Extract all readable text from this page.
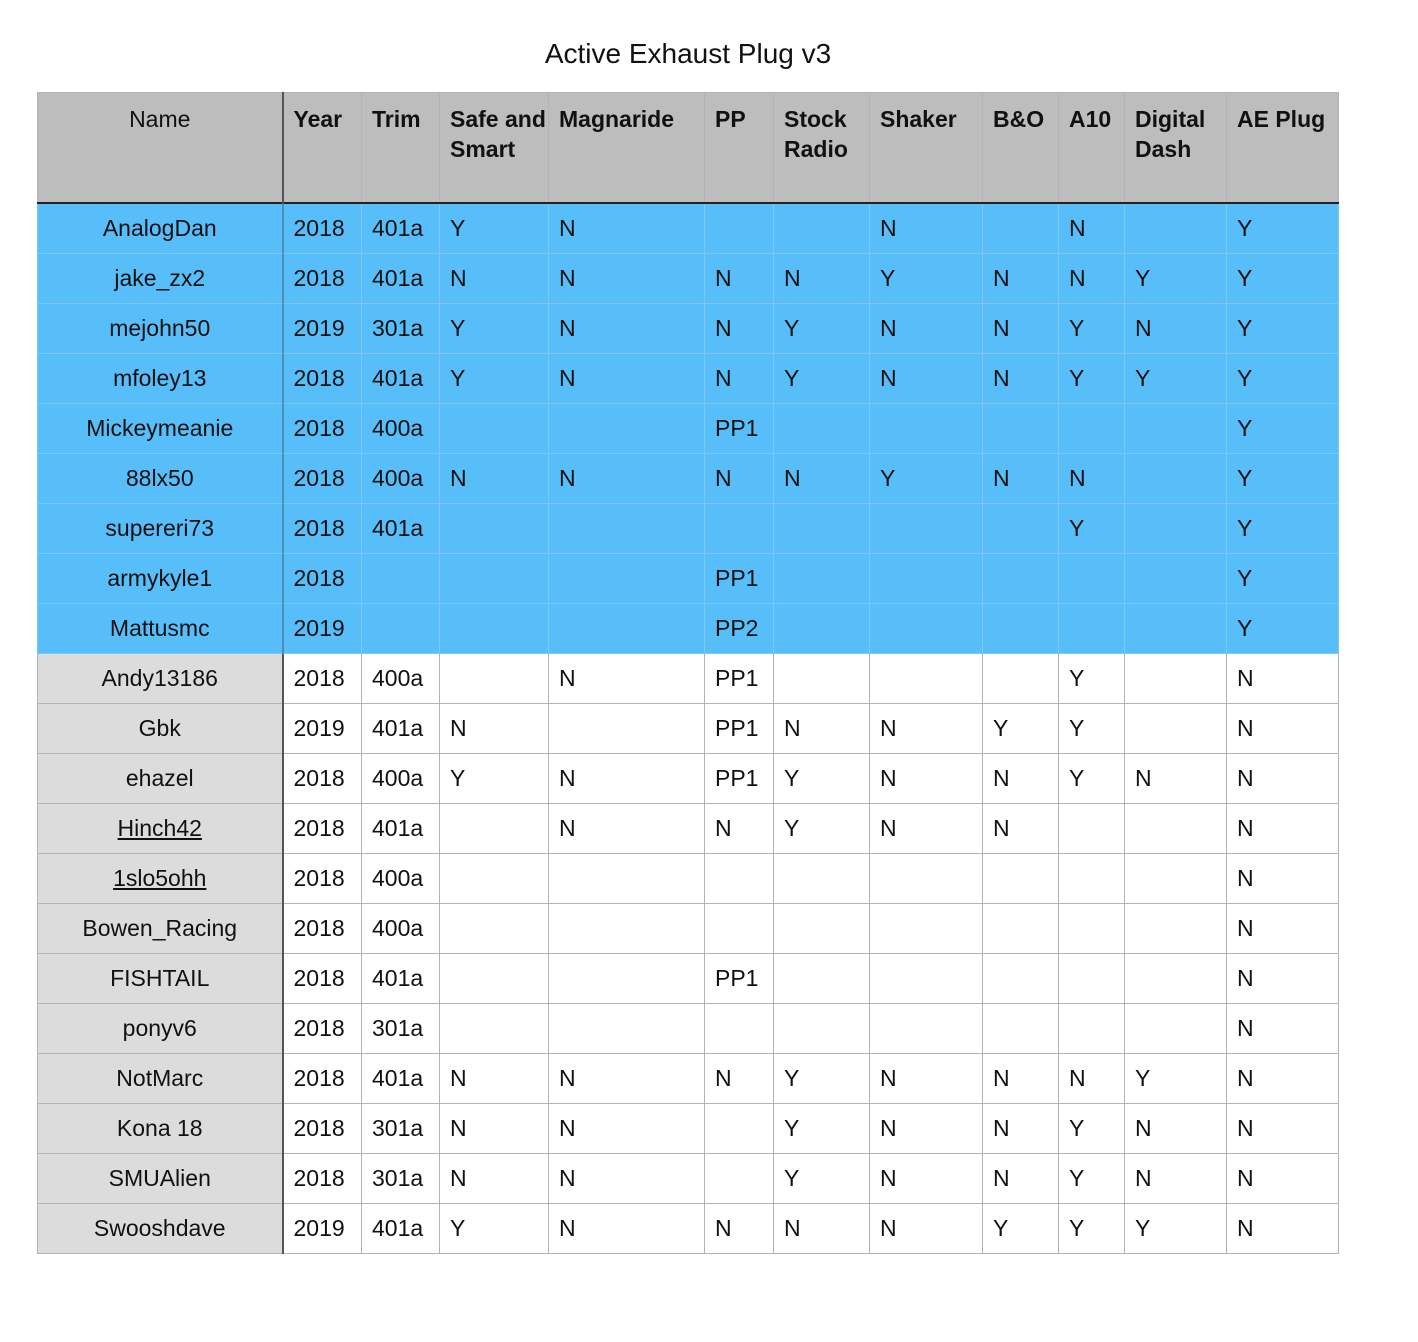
Active Exhaust Plug v3
Name	Year	Trim	Safe and Smart	Magnaride	PP	Stock Radio	Shaker	B&O	A10	Digital Dash	AE Plug
AnalogDan	2018	401a	Y	N			N		N		Y
jake_zx2	2018	401a	N	N	N	N	Y	N	N	Y	Y
mejohn50	2019	301a	Y	N	N	Y	N	N	Y	N	Y
mfoley13	2018	401a	Y	N	N	Y	N	N	Y	Y	Y
Mickeymeanie	2018	400a			PP1						Y
88lx50	2018	400a	N	N	N	N	Y	N	N		Y
supereri73	2018	401a							Y		Y
armykyle1	2018				PP1						Y
Mattusmc	2019				PP2						Y
Andy13186	2018	400a		N	PP1				Y		N
Gbk	2019	401a	N		PP1	N	N	Y	Y		N
ehazel	2018	400a	Y	N	PP1	Y	N	N	Y	N	N
Hinch42	2018	401a		N	N	Y	N	N			N
1slo5ohh	2018	400a									N
Bowen_Racing	2018	400a									N
FISHTAIL	2018	401a			PP1						N
ponyv6	2018	301a									N
NotMarc	2018	401a	N	N	N	Y	N	N	N	Y	N
Kona 18	2018	301a	N	N		Y	N	N	Y	N	N
SMUAlien	2018	301a	N	N		Y	N	N	Y	N	N
Swooshdave	2019	401a	Y	N	N	N	N	Y	Y	Y	N
